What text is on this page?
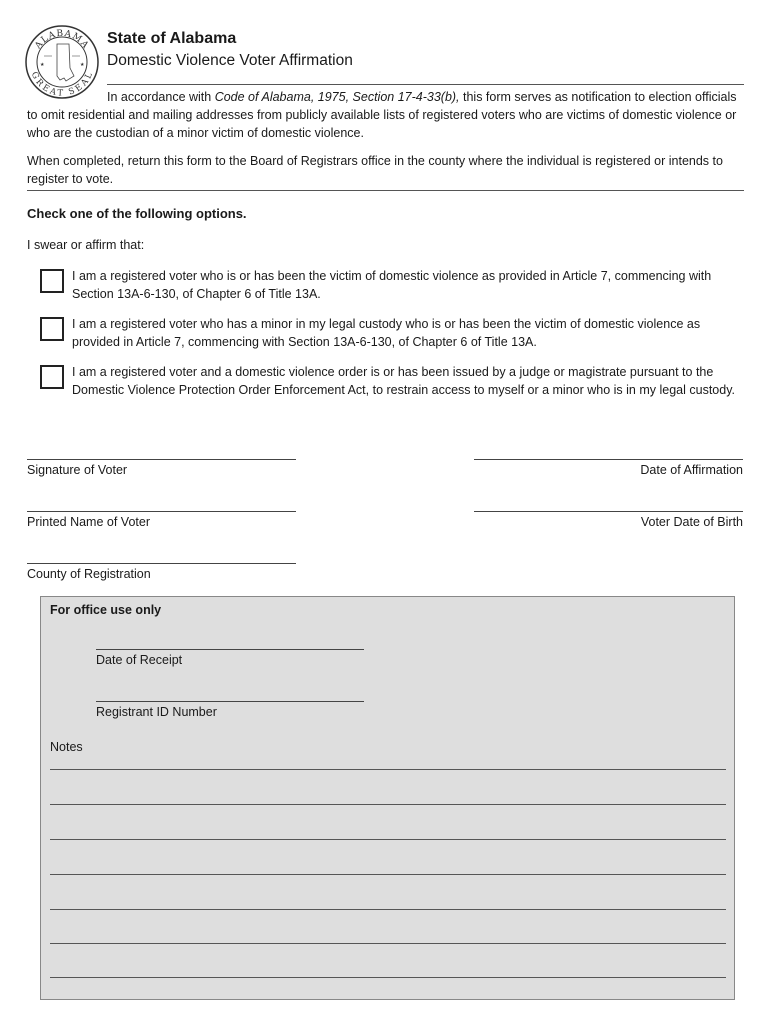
ALABAMA
GREAT SEAL
★	★
State of Alabama
Domestic Violence Voter Affirmation
In accordance with Code of Alabama, 1975, Section 17-4-33(b), this form serves as notification to election officials to omit residential and mailing addresses from publicly available lists of registered voters who are victims of domestic violence or who are the custodian of a minor victim of domestic violence.
When completed, return this form to the Board of Registrars office in the county where the individual is registered or intends to register to vote.
Check one of the following options.
I swear or affirm that:
I am a registered voter who is or has been the victim of domestic violence as provided in Article 7, commencing with Section 13A-6-130, of Chapter 6 of Title 13A.
I am a registered voter who has a minor in my legal custody who is or has been the victim of domestic violence as provided in Article 7, commencing with Section 13A-6-130, of Chapter 6 of Title 13A.
I am a registered voter and a domestic violence order is or has been issued by a judge or magistrate pursuant to the Domestic Violence Protection Order Enforcement Act, to restrain access to myself or a minor who is in my legal custody.
Signature of Voter	Date of Affirmation
Printed Name of Voter	Voter Date of Birth
County of Registration
For office use only
Date of Receipt
Registrant ID Number
Notes
